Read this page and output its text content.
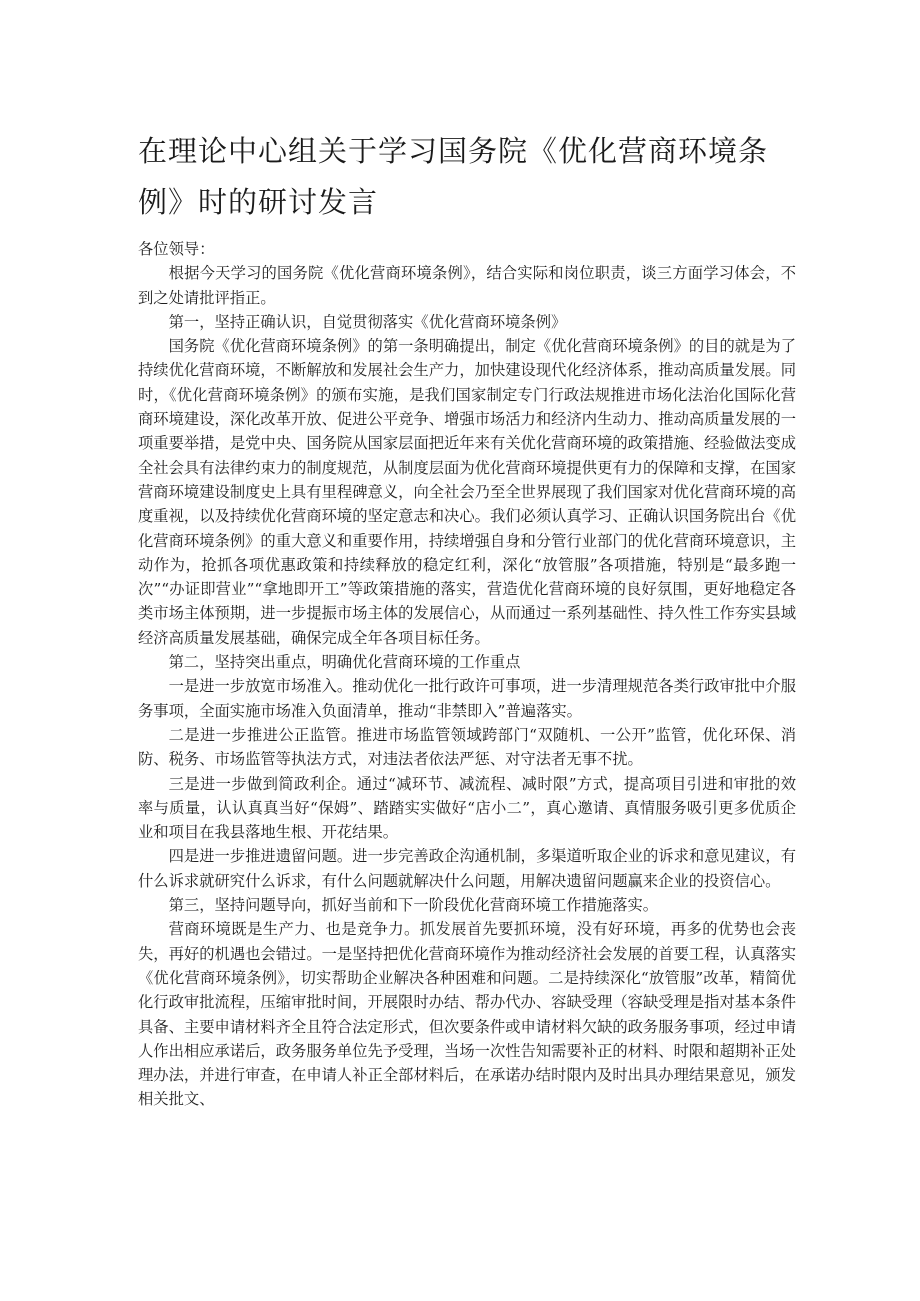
在理论中心组关于学习国务院《优化营商环境条例》时的研讨发言

各位领导：

根据今天学习的国务院《优化营商环境条例》，结合实际和岗位职责，谈三方面学习体会，不到之处请批评指正。

第一，坚持正确认识，自觉贯彻落实《优化营商环境条例》

国务院《优化营商环境条例》的第一条明确提出，制定《优化营商环境条例》的目的就是为了持续优化营商环境，不断解放和发展社会生产力，加快建设现代化经济体系，推动高质量发展。同时，《优化营商环境条例》的颁布实施，是我们国家制定专门行政法规推进市场化法治化国际化营商环境建设，深化改革开放、促进公平竞争、增强市场活力和经济内生动力、推动高质量发展的一项重要举措，是党中央、国务院从国家层面把近年来有关优化营商环境的政策措施、经验做法变成全社会具有法律约束力的制度规范，从制度层面为优化营商环境提供更有力的保障和支撑，在国家营商环境建设制度史上具有里程碑意义，向全社会乃至全世界展现了我们国家对优化营商环境的高度重视，以及持续优化营商环境的坚定意志和决心。我们必须认真学习、正确认识国务院出台《优化营商环境条例》的重大意义和重要作用，持续增强自身和分管行业部门的优化营商环境意识，主动作为，抢抓各项优惠政策和持续释放的稳定红利，深化“放管服”各项措施，特别是“最多跑一次”“办证即营业”“拿地即开工”等政策措施的落实，营造优化营商环境的良好氛围，更好地稳定各类市场主体预期，进一步提振市场主体的发展信心，从而通过一系列基础性、持久性工作夯实县域经济高质量发展基础，确保完成全年各项目标任务。

第二，坚持突出重点，明确优化营商环境的工作重点

一是进一步放宽市场准入。推动优化一批行政许可事项，进一步清理规范各类行政审批中介服务事项，全面实施市场准入负面清单，推动“非禁即入”普遍落实。

二是进一步推进公正监管。推进市场监管领域跨部门“双随机、一公开”监管，优化环保、消防、税务、市场监管等执法方式，对违法者依法严惩、对守法者无事不扰。

三是进一步做到简政利企。通过“减环节、减流程、减时限”方式，提高项目引进和审批的效率与质量，认认真真当好“保姆”、踏踏实实做好“店小二”，真心邀请、真情服务吸引更多优质企业和项目在我县落地生根、开花结果。

四是进一步推进遗留问题。进一步完善政企沟通机制，多渠道听取企业的诉求和意见建议，有什么诉求就研究什么诉求，有什么问题就解决什么问题，用解决遗留问题赢来企业的投资信心。

第三，坚持问题导向，抓好当前和下一阶段优化营商环境工作措施落实。

营商环境既是生产力、也是竞争力。抓发展首先要抓环境，没有好环境，再多的优势也会丧失，再好的机遇也会错过。一是坚持把优化营商环境作为推动经济社会发展的首要工程，认真落实《优化营商环境条例》，切实帮助企业解决各种困难和问题。二是持续深化“放管服”改革，精简优化行政审批流程，压缩审批时间，开展限时办结、帮办代办、容缺受理（容缺受理是指对基本条件具备、主要申请材料齐全且符合法定形式，但次要条件或申请材料欠缺的政务服务事项，经过申请人作出相应承诺后，政务服务单位先予受理，当场一次性告知需要补正的材料、时限和超期补正处理办法，并进行审查，在申请人补正全部材料后，在承诺办结时限内及时出具办理结果意见，颁发相关批文、
